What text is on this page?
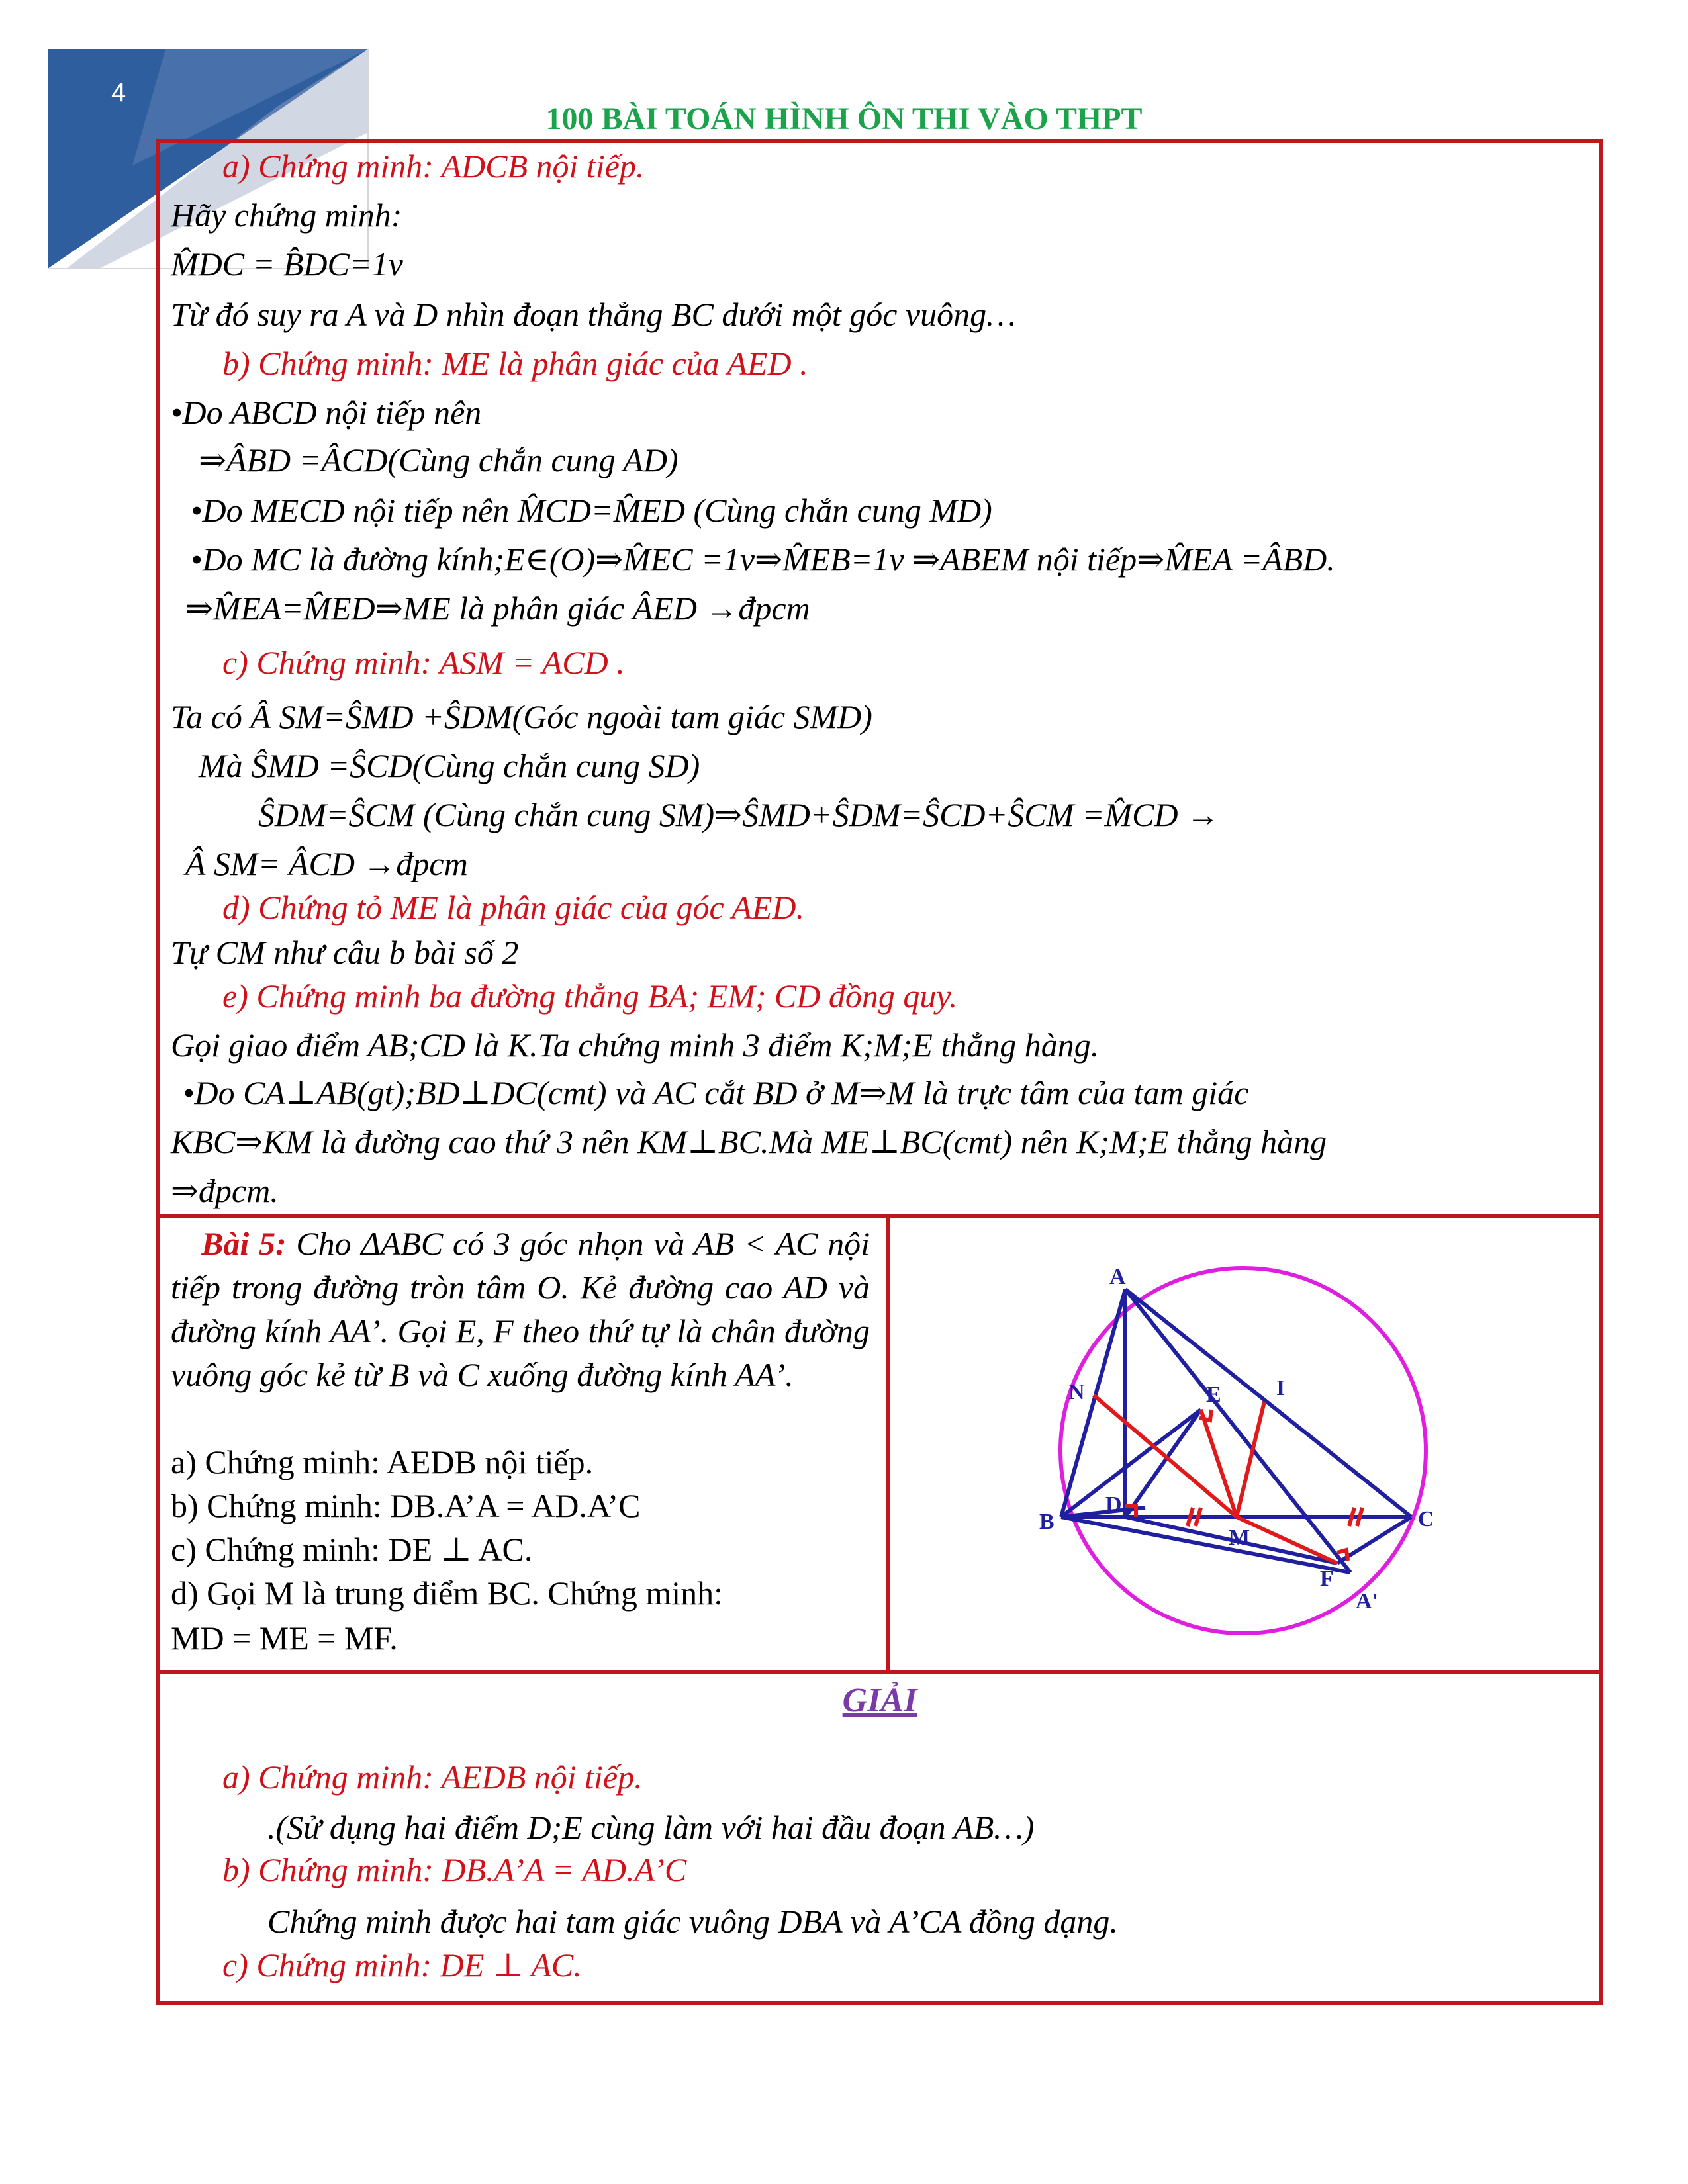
4
100 BÀI TOÁN HÌNH ÔN THI VÀO THPT
a) Chứng minh: ADCB nội tiếp.
Hãy chứng minh:
M̂DC = B̂DC=1v
Từ đó suy ra A và D nhìn đoạn thẳng BC dưới một góc vuông…
b) Chứng minh: ME là phân giác của AED .
•Do ABCD nội tiếp nên
⇒ÂBD =ÂCD(Cùng chắn cung AD)
•Do MECD nội tiếp nên M̂CD=M̂ED (Cùng chắn cung MD)
•Do MC là đường kính;E∈(O)⇒M̂EC =1v⇒M̂EB=1v ⇒ABEM nội tiếp⇒M̂EA =ÂBD.
⇒M̂EA=M̂ED⇒ME là phân giác ÂED →đpcm
c) Chứng minh: ASM = ACD .
Ta có Â SM=ŜMD +ŜDM(Góc ngoài tam giác SMD)
Mà ŜMD =ŜCD(Cùng chắn cung SD)
ŜDM=ŜCM (Cùng chắn cung SM)⇒ŜMD+ŜDM=ŜCD+ŜCM =M̂CD →
Â SM= ÂCD →đpcm
d) Chứng tỏ ME là phân giác của góc AED.
Tự CM như câu b bài số 2
e) Chứng minh ba đường thẳng BA; EM; CD đồng quy.
Gọi giao điểm AB;CD là K.Ta chứng minh 3 điểm K;M;E thẳng hàng.
•Do CA⊥AB(gt);BD⊥DC(cmt) và AC cắt BD ở M⇒M là trực tâm của tam giác
KBC⇒KM là đường cao thứ 3 nên KM⊥BC.Mà ME⊥BC(cmt) nên K;M;E thẳng hàng
⇒đpcm.
Bài 5: Cho ΔABC có 3 góc nhọn và AB < AC nội tiếp trong đường tròn tâm O. Kẻ đường cao AD và đường kính AA’. Gọi E, F theo thứ tự là chân đường vuông góc kẻ từ B và C xuống đường kính AA’.
a) Chứng minh: AEDB nội tiếp.
b) Chứng minh: DB.A’A = AD.A’C
c) Chứng minh: DE ⊥ AC.
d) Gọi M là trung điểm BC. Chứng minh:
MD = ME = MF.
A
B	C
D
E
F
M
N	I
A'
GIẢI
a) Chứng minh: AEDB nội tiếp.
.(Sử dụng hai điểm D;E cùng làm với hai đầu đoạn AB…)
b) Chứng minh: DB.A’A = AD.A’C
Chứng minh được hai tam giác vuông DBA và A’CA đồng dạng.
c) Chứng minh: DE ⊥ AC.
